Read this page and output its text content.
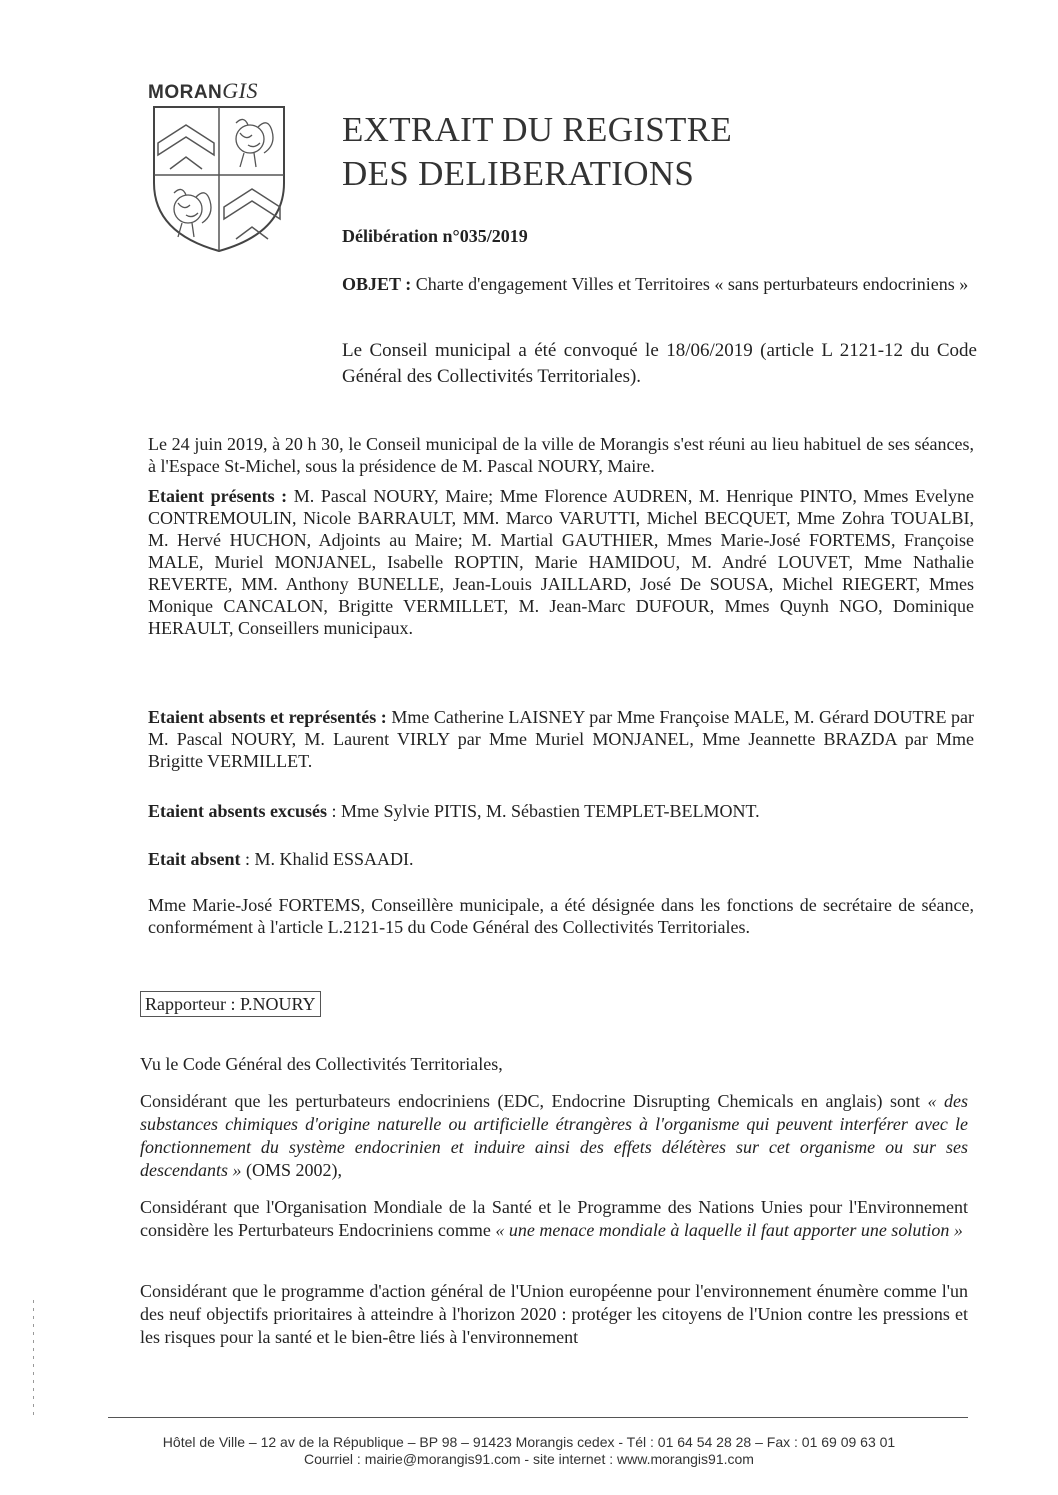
MORANGIS
EXTRAIT DU REGISTRE
DES DELIBERATIONS
Délibération n°035/2019
OBJET : Charte d'engagement Villes et Territoires « sans perturbateurs endocriniens »
Le Conseil municipal a été convoqué le 18/06/2019 (article L 2121-12 du Code Général des Collectivités Territoriales).
Le 24 juin 2019, à 20 h 30, le Conseil municipal de la ville de Morangis s'est réuni au lieu habituel de ses séances, à l'Espace St-Michel, sous la présidence de M. Pascal NOURY, Maire.
Etaient présents : M. Pascal NOURY, Maire; Mme Florence AUDREN, M. Henrique PINTO, Mmes Evelyne CONTREMOULIN, Nicole BARRAULT, MM. Marco VARUTTI, Michel BECQUET, Mme Zohra TOUALBI, M. Hervé HUCHON, Adjoints au Maire; M. Martial GAUTHIER, Mmes Marie-José FORTEMS, Françoise MALE, Muriel MONJANEL, Isabelle ROPTIN, Marie HAMIDOU, M. André LOUVET, Mme Nathalie REVERTE, MM. Anthony BUNELLE, Jean-Louis JAILLARD, José De SOUSA, Michel RIEGERT, Mmes Monique CANCALON, Brigitte VERMILLET, M. Jean-Marc DUFOUR, Mmes Quynh NGO, Dominique HERAULT, Conseillers municipaux.
Etaient absents et représentés : Mme Catherine LAISNEY par Mme Françoise MALE, M. Gérard DOUTRE par M. Pascal NOURY, M. Laurent VIRLY par Mme Muriel MONJANEL, Mme Jeannette BRAZDA par Mme Brigitte VERMILLET.
Etaient absents excusés : Mme Sylvie PITIS, M. Sébastien TEMPLET-BELMONT.
Etait absent : M. Khalid ESSAADI.
Mme Marie-José FORTEMS, Conseillère municipale, a été désignée dans les fonctions de secrétaire de séance, conformément à l'article L.2121-15 du Code Général des Collectivités Territoriales.
Rapporteur : P.NOURY
Vu le Code Général des Collectivités Territoriales,
Considérant que les perturbateurs endocriniens (EDC, Endocrine Disrupting Chemicals en anglais) sont « des substances chimiques d'origine naturelle ou artificielle étrangères à l'organisme qui peuvent interférer avec le fonctionnement du système endocrinien et induire ainsi des effets délétères sur cet organisme ou sur ses descendants » (OMS 2002),
Considérant que l'Organisation Mondiale de la Santé et le Programme des Nations Unies pour l'Environnement considère les Perturbateurs Endocriniens comme « une menace mondiale à laquelle il faut apporter une solution »
Considérant que le programme d'action général de l'Union européenne pour l'environnement énumère comme l'un des neuf objectifs prioritaires à atteindre à l'horizon 2020 : protéger les citoyens de l'Union contre les pressions et les risques pour la santé et le bien-être liés à l'environnement
Hôtel de Ville – 12 av de la République – BP 98 – 91423 Morangis cedex - Tél : 01 64 54 28 28 – Fax : 01 69 09 63 01
Courriel : mairie@morangis91.com - site internet : www.morangis91.com
